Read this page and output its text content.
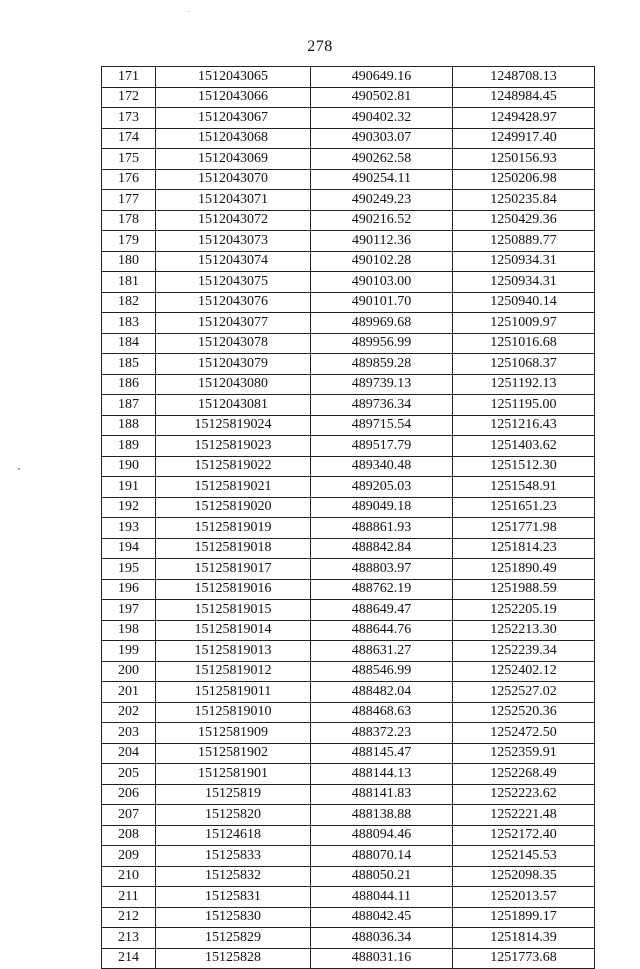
278
171	1512043065	490649.16	1248708.13
172	1512043066	490502.81	1248984.45
173	1512043067	490402.32	1249428.97
174	1512043068	490303.07	1249917.40
175	1512043069	490262.58	1250156.93
176	1512043070	490254.11	1250206.98
177	1512043071	490249.23	1250235.84
178	1512043072	490216.52	1250429.36
179	1512043073	490112.36	1250889.77
180	1512043074	490102.28	1250934.31
181	1512043075	490103.00	1250934.31
182	1512043076	490101.70	1250940.14
183	1512043077	489969.68	1251009.97
184	1512043078	489956.99	1251016.68
185	1512043079	489859.28	1251068.37
186	1512043080	489739.13	1251192.13
187	1512043081	489736.34	1251195.00
188	15125819024	489715.54	1251216.43
189	15125819023	489517.79	1251403.62
190	15125819022	489340.48	1251512.30
191	15125819021	489205.03	1251548.91
192	15125819020	489049.18	1251651.23
193	15125819019	488861.93	1251771.98
194	15125819018	488842.84	1251814.23
195	15125819017	488803.97	1251890.49
196	15125819016	488762.19	1251988.59
197	15125819015	488649.47	1252205.19
198	15125819014	488644.76	1252213.30
199	15125819013	488631.27	1252239.34
200	15125819012	488546.99	1252402.12
201	15125819011	488482.04	1252527.02
202	15125819010	488468.63	1252520.36
203	1512581909	488372.23	1252472.50
204	1512581902	488145.47	1252359.91
205	1512581901	488144.13	1252268.49
206	15125819	488141.83	1252223.62
207	15125820	488138.88	1252221.48
208	15124618	488094.46	1252172.40
209	15125833	488070.14	1252145.53
210	15125832	488050.21	1252098.35
211	15125831	488044.11	1252013.57
212	15125830	488042.45	1251899.17
213	15125829	488036.34	1251814.39
214	15125828	488031.16	1251773.68
